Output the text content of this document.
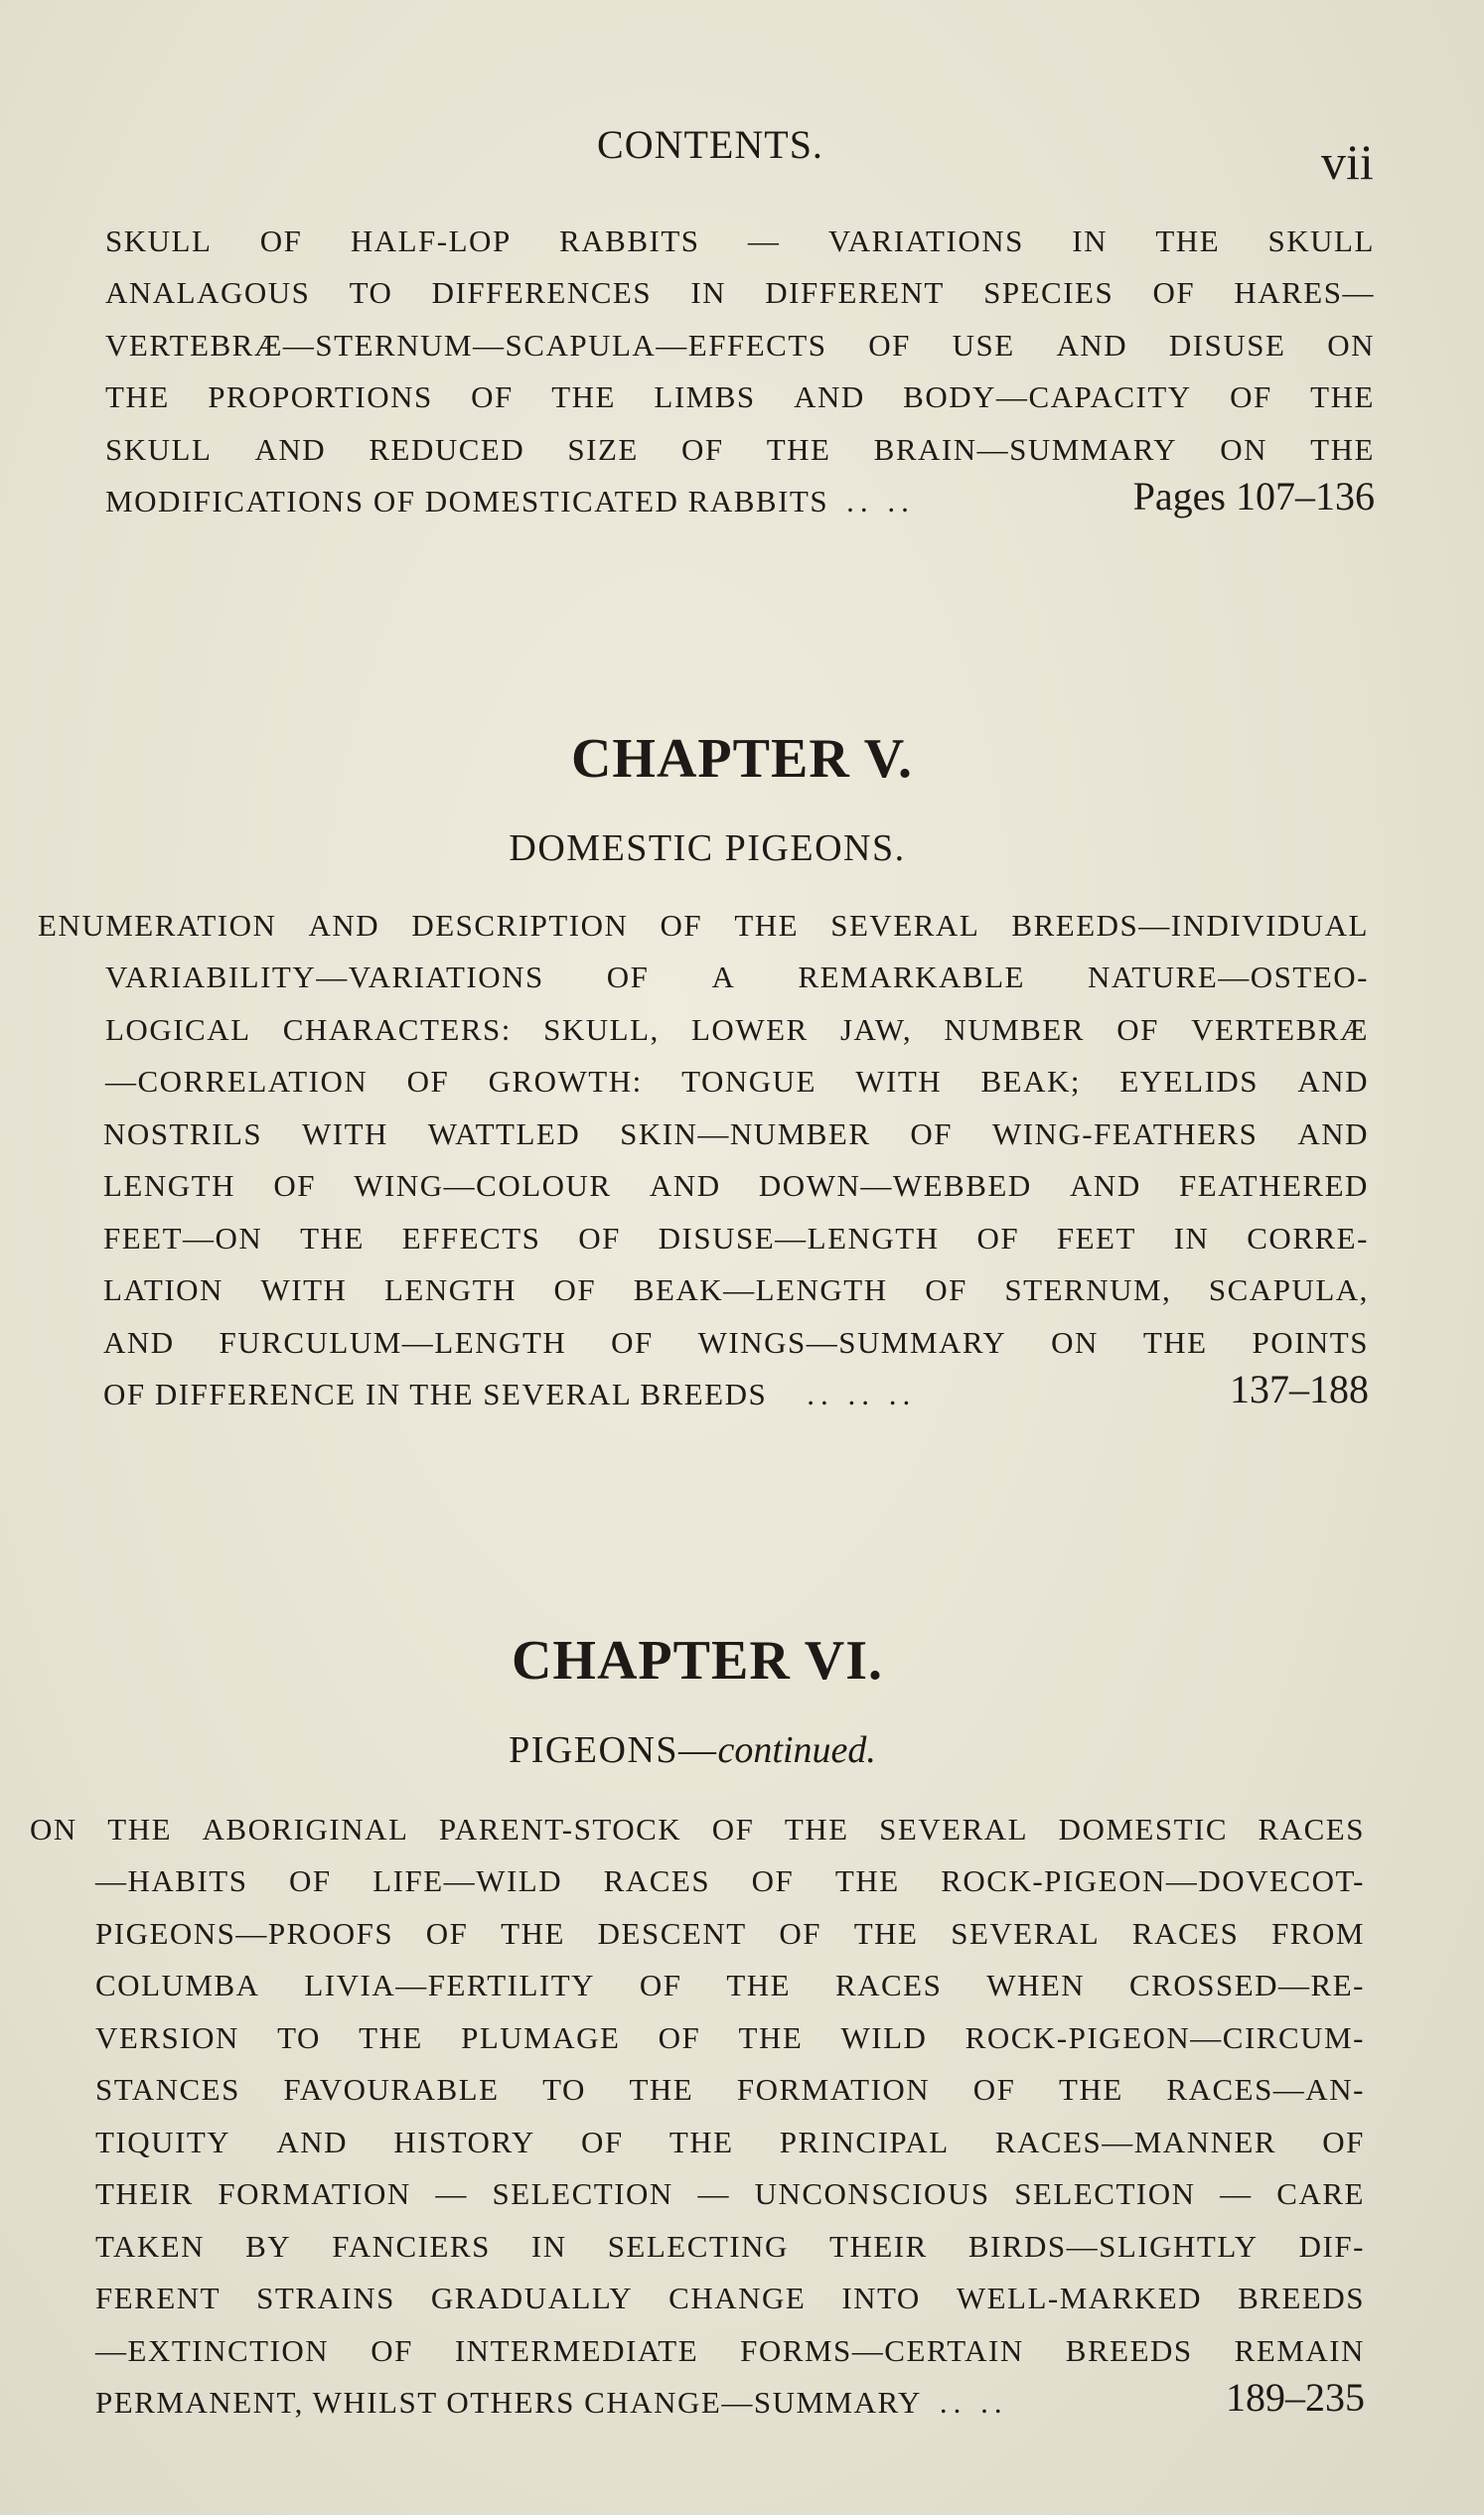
CONTENTS.	vii
SKULL OF HALF-LOP RABBITS — VARIATIONS IN THE SKULL
ANALAGOUS TO DIFFERENCES IN DIFFERENT SPECIES OF HARES—
VERTEBRÆ—STERNUM—SCAPULA—EFFECTS OF USE AND DISUSE ON
THE PROPORTIONS OF THE LIMBS AND BODY—CAPACITY OF THE
SKULL AND REDUCED SIZE OF THE BRAIN—SUMMARY ON THE
MODIFICATIONS OF DOMESTICATED RABBITS .. ..	Pages 107–136
CHAPTER V.
DOMESTIC PIGEONS.
ENUMERATION AND DESCRIPTION OF THE SEVERAL BREEDS—INDIVIDUAL
VARIABILITY—VARIATIONS OF A REMARKABLE NATURE—OSTEO-
LOGICAL CHARACTERS: SKULL, LOWER JAW, NUMBER OF VERTEBRÆ
—CORRELATION OF GROWTH: TONGUE WITH BEAK; EYELIDS AND
NOSTRILS WITH WATTLED SKIN—NUMBER OF WING-FEATHERS AND
LENGTH OF WING—COLOUR AND DOWN—WEBBED AND FEATHERED
FEET—ON THE EFFECTS OF DISUSE—LENGTH OF FEET IN CORRE-
LATION WITH LENGTH OF BEAK—LENGTH OF STERNUM, SCAPULA,
AND FURCULUM—LENGTH OF WINGS—SUMMARY ON THE POINTS
OF DIFFERENCE IN THE SEVERAL BREEDS .. .. ..	137–188
CHAPTER VI.
PIGEONS—continued.
ON THE ABORIGINAL PARENT-STOCK OF THE SEVERAL DOMESTIC RACES
—HABITS OF LIFE—WILD RACES OF THE ROCK-PIGEON—DOVECOT-
PIGEONS—PROOFS OF THE DESCENT OF THE SEVERAL RACES FROM
COLUMBA LIVIA—FERTILITY OF THE RACES WHEN CROSSED—RE-
VERSION TO THE PLUMAGE OF THE WILD ROCK-PIGEON—CIRCUM-
STANCES FAVOURABLE TO THE FORMATION OF THE RACES—AN-
TIQUITY AND HISTORY OF THE PRINCIPAL RACES—MANNER OF
THEIR FORMATION — SELECTION — UNCONSCIOUS SELECTION — CARE
TAKEN BY FANCIERS IN SELECTING THEIR BIRDS—SLIGHTLY DIF-
FERENT STRAINS GRADUALLY CHANGE INTO WELL-MARKED BREEDS
—EXTINCTION OF INTERMEDIATE FORMS—CERTAIN BREEDS REMAIN
PERMANENT, WHILST OTHERS CHANGE—SUMMARY .. ..	189–235
